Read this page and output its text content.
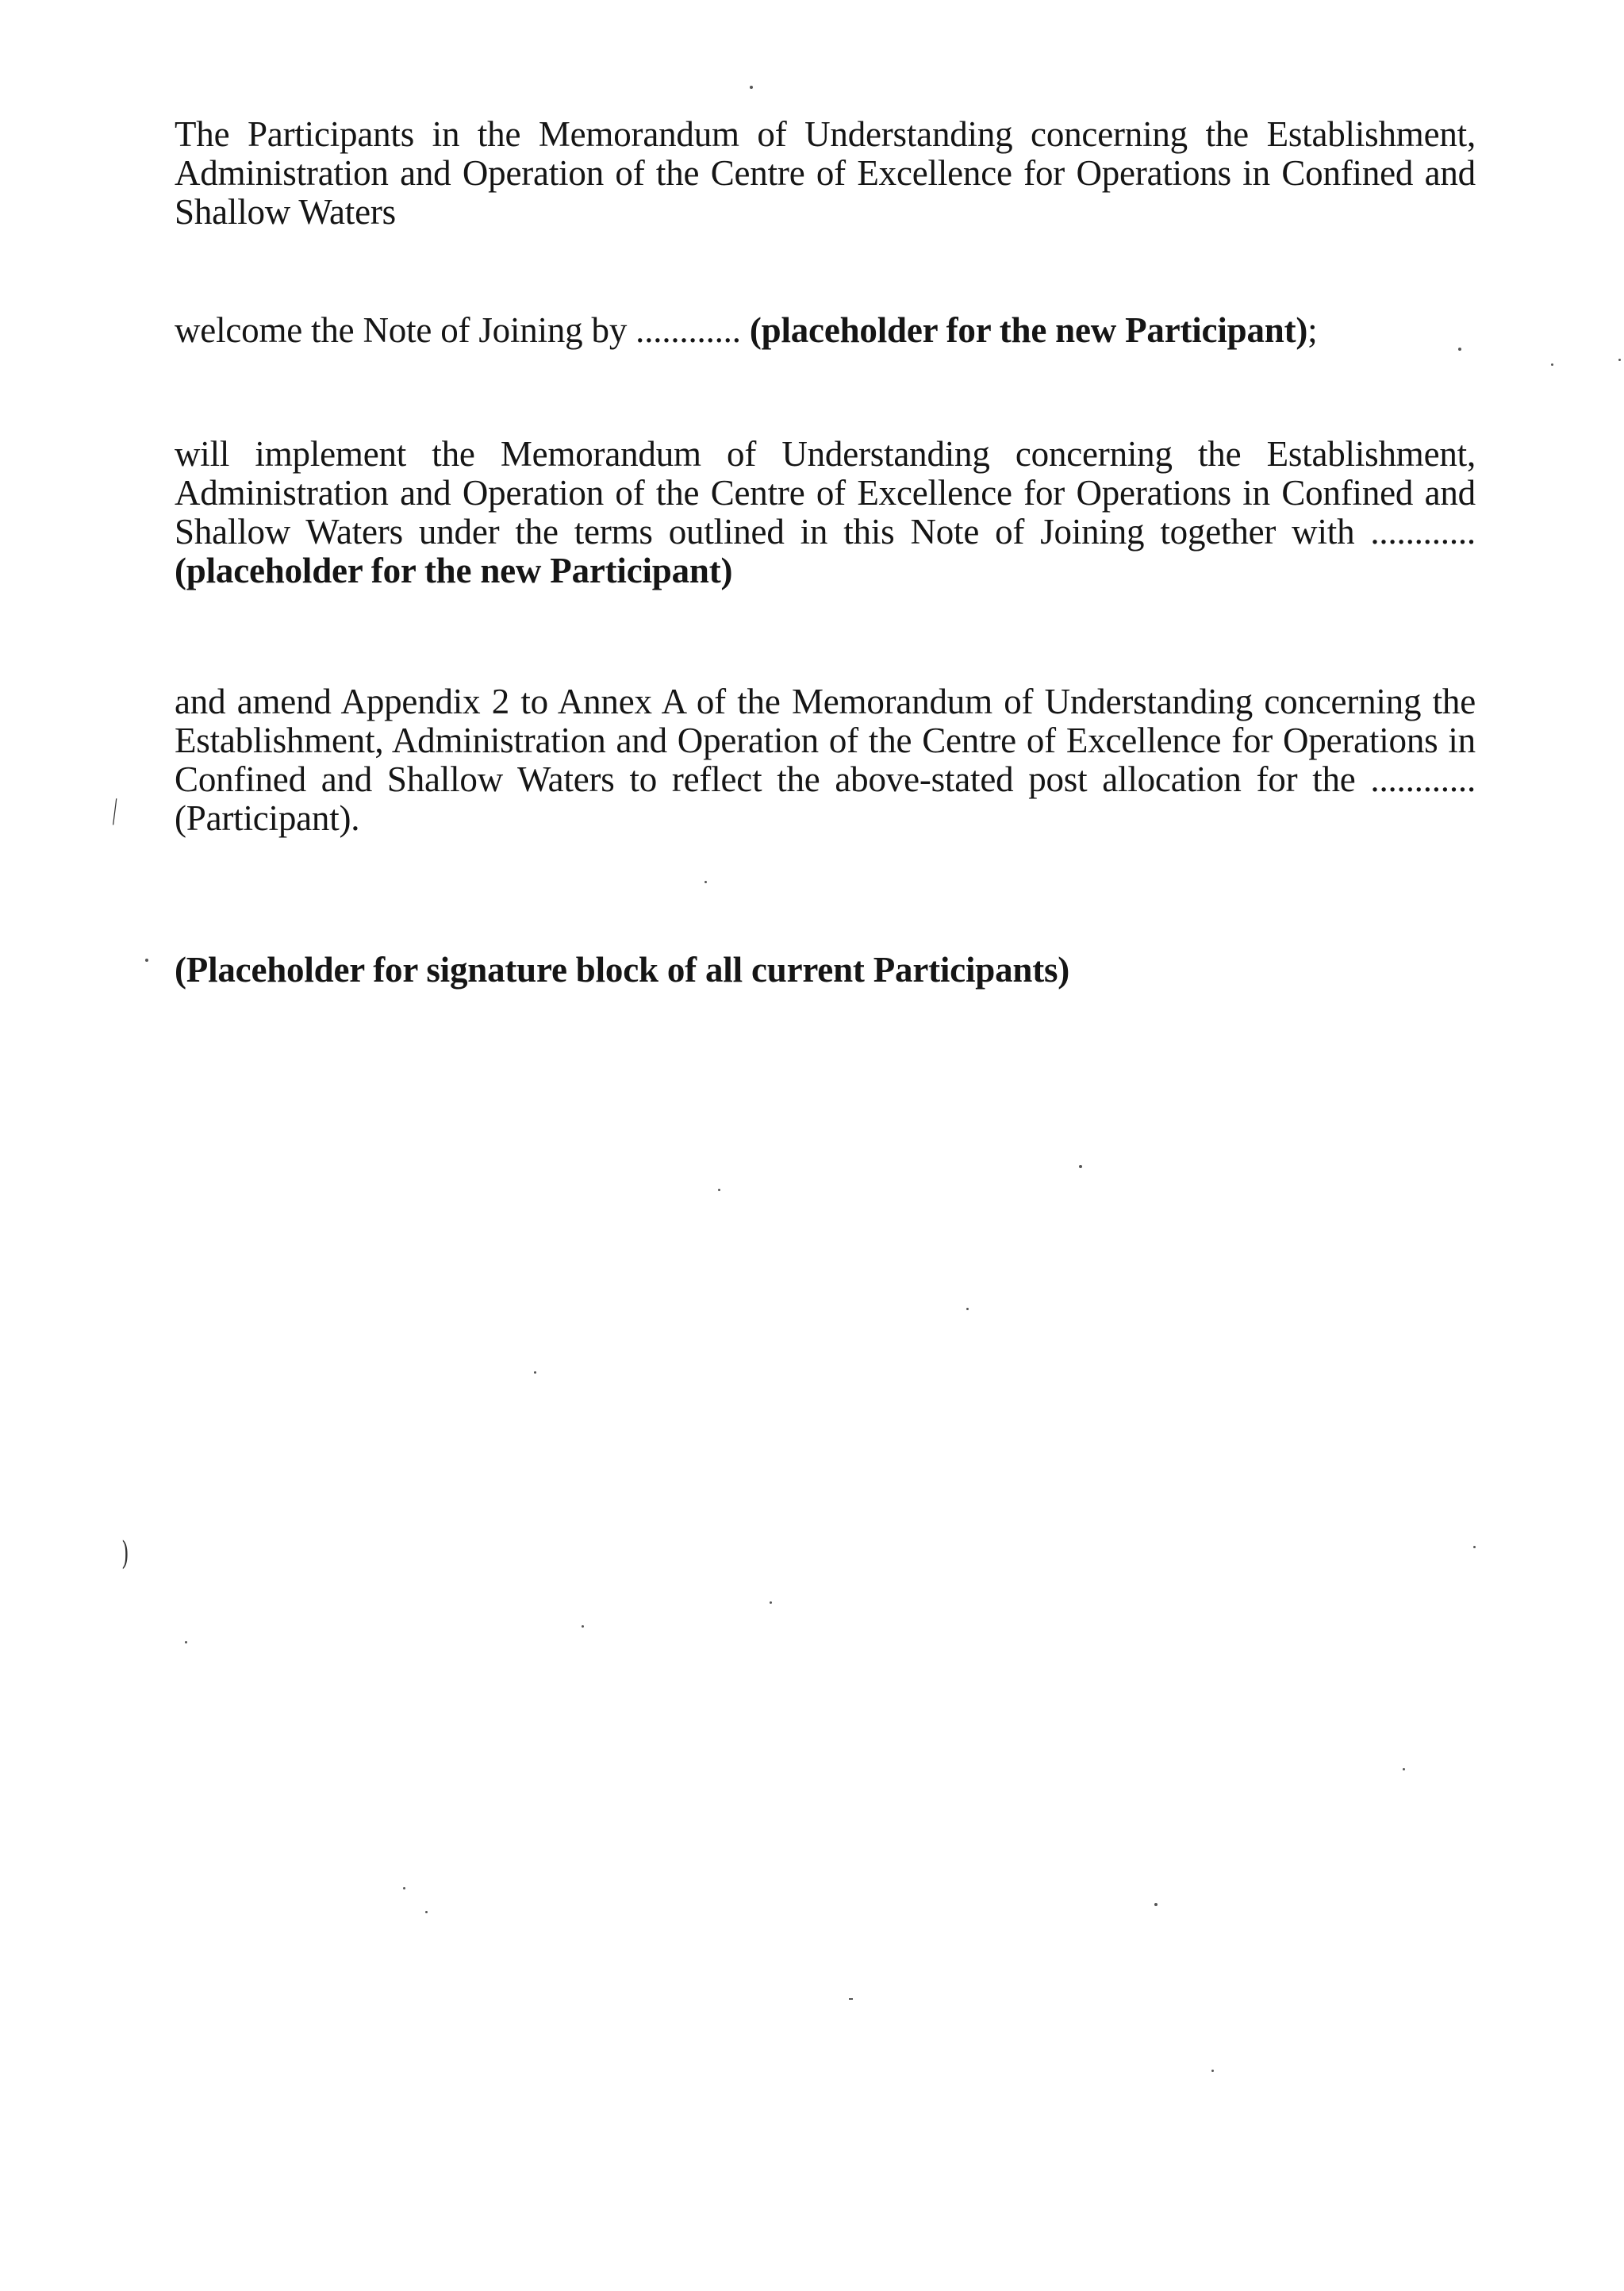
The Participants in the Memorandum of Understanding concerning the Establishment, Administration and Operation of the Centre of Excellence for Operations in Confined and Shallow Waters

welcome the Note of Joining by ............ (placeholder for the new Participant);

will implement the Memorandum of Understanding concerning the Establishment, Administration and Operation of the Centre of Excellence for Operations in Confined and Shallow Waters under the terms outlined in this Note of Joining together with ............ (placeholder for the new Participant)

and amend Appendix 2 to Annex A of the Memorandum of Understanding concerning the Establishment, Administration and Operation of the Centre of Excellence for Operations in Confined and Shallow Waters to reflect the above-stated post allocation for the ............ (Participant).

(Placeholder for signature block of all current Participants)

/
)
